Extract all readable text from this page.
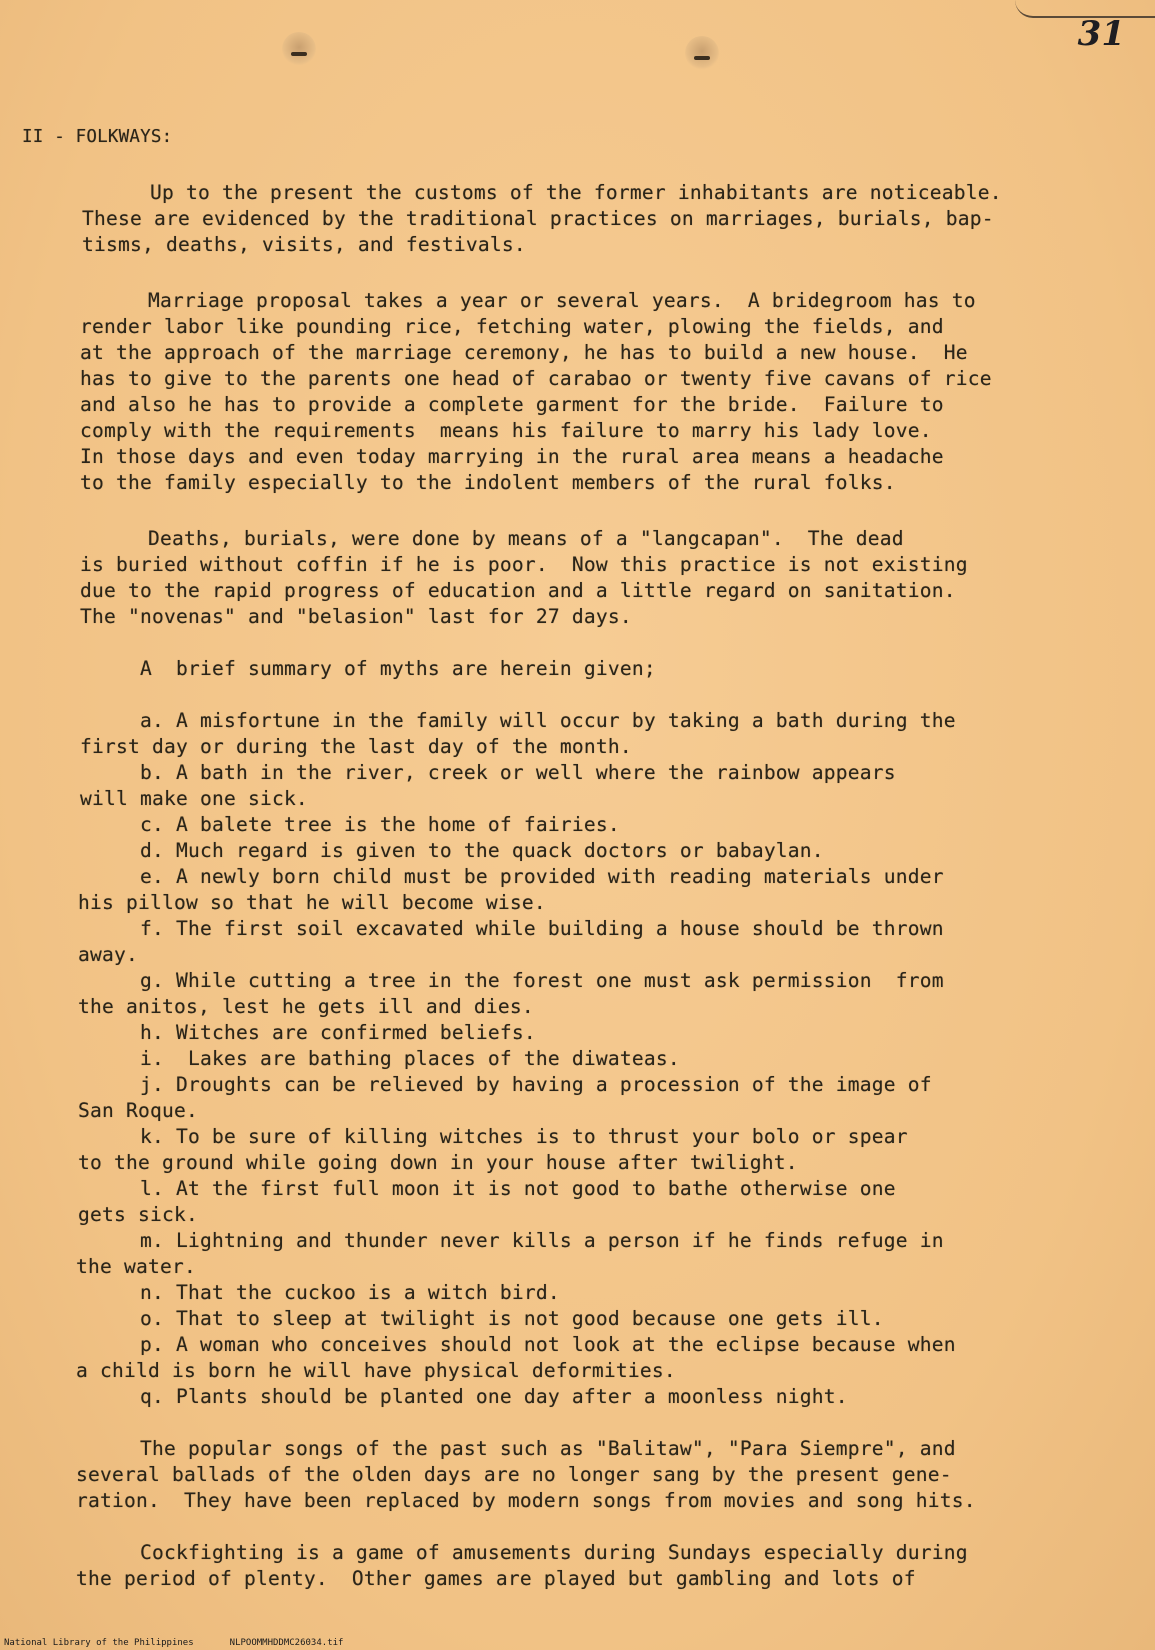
31
II - FOLKWAYS:
Up to the present the customs of the former inhabitants are noticeable.
These are evidenced by the traditional practices on marriages, burials, bap-
tisms, deaths, visits, and festivals.
Marriage proposal takes a year or several years.  A bridegroom has to
render labor like pounding rice, fetching water, plowing the fields, and
at the approach of the marriage ceremony, he has to build a new house.  He
has to give to the parents one head of carabao or twenty five cavans of rice
and also he has to provide a complete garment for the bride.  Failure to
comply with the requirements  means his failure to marry his lady love.
In those days and even today marrying in the rural area means a headache
to the family especially to the indolent members of the rural folks.
Deaths, burials, were done by means of a "langcapan".  The dead
is buried without coffin if he is poor.  Now this practice is not existing
due to the rapid progress of education and a little regard on sanitation.
The "novenas" and "belasion" last for 27 days.
A  brief summary of myths are herein given;
a. A misfortune in the family will occur by taking a bath during the
first day or during the last day of the month.
b. A bath in the river, creek or well where the rainbow appears
will make one sick.
c. A balete tree is the home of fairies.
d. Much regard is given to the quack doctors or babaylan.
e. A newly born child must be provided with reading materials under
his pillow so that he will become wise.
f. The first soil excavated while building a house should be thrown
away.
g. While cutting a tree in the forest one must ask permission  from
the anitos, lest he gets ill and dies.
h. Witches are confirmed beliefs.
i.  Lakes are bathing places of the diwateas.
j. Droughts can be relieved by having a procession of the image of
San Roque.
k. To be sure of killing witches is to thrust your bolo or spear
to the ground while going down in your house after twilight.
l. At the first full moon it is not good to bathe otherwise one
gets sick.
m. Lightning and thunder never kills a person if he finds refuge in
the water.
n. That the cuckoo is a witch bird.
o. That to sleep at twilight is not good because one gets ill.
p. A woman who conceives should not look at the eclipse because when
a child is born he will have physical deformities.
q. Plants should be planted one day after a moonless night.
The popular songs of the past such as "Balitaw", "Para Siempre", and
several ballads of the olden days are no longer sang by the present gene-
ration.  They have been replaced by modern songs from movies and song hits.
Cockfighting is a game of amusements during Sundays especially during
the period of plenty.  Other games are played but gambling and lots of
National Library of the Philippines	NLPOOMMHDDMC26034.tif
